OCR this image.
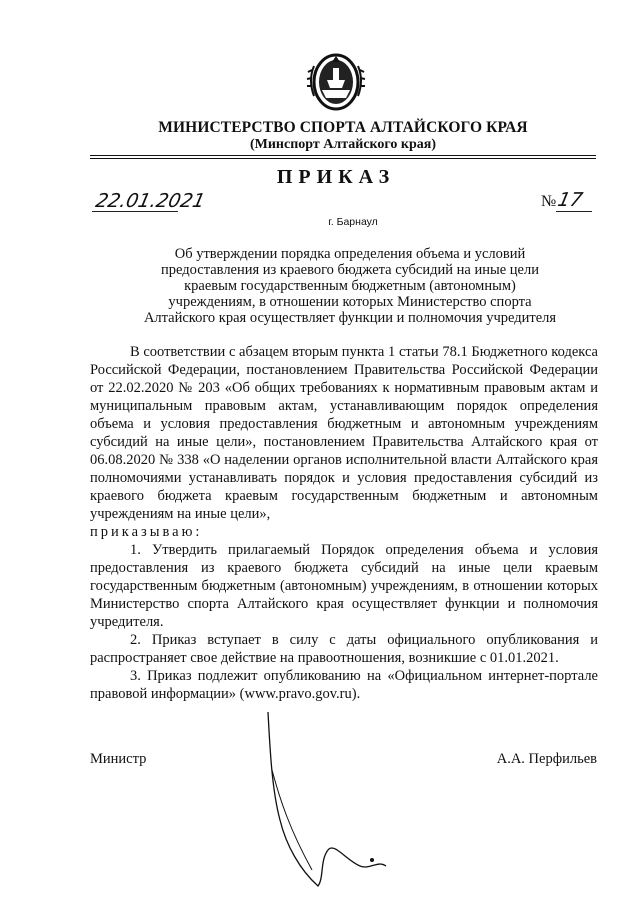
МИНИСТЕРСТВО СПОРТА АЛТАЙСКОГО КРАЯ
(Минспорт Алтайского края)
ПРИКАЗ
22.01.2021	№ 17
г. Барнаул
Об утверждении порядка определения объема и условий
предоставления из краевого бюджета субсидий на иные цели
краевым государственным бюджетным (автономным)
учреждениям, в отношении которых Министерство спорта
Алтайского края осуществляет функции и полномочия учредителя

В соответствии с абзацем вторым пункта 1 статьи 78.1 Бюджетного кодекса Российской Федерации, постановлением Правительства Российской Федерации от 22.02.2020 № 203 «Об общих требованиях к нормативным правовым актам и муниципальным правовым актам, устанавливающим порядок определения объема и условия предоставления бюджетным и автономным учреждениям субсидий на иные цели», постановлением Правительства Алтайского края от 06.08.2020 № 338 «О наделении органов исполнительной власти Алтайского края полномочиями устанавливать порядок и условия предоставления субсидий из краевого бюджета краевым государственным бюджетным и автономным учреждениям на иные цели»,

приказываю:

1. Утвердить прилагаемый Порядок определения объема и условия предоставления из краевого бюджета субсидий на иные цели краевым государственным бюджетным (автономным) учреждениям, в отношении которых Министерство спорта Алтайского края осуществляет функции и полномочия учредителя.

2. Приказ вступает в силу с даты официального опубликования и распространяет свое действие на правоотношения, возникшие с 01.01.2021.

3. Приказ подлежит опубликованию на «Официальном интернет-портале правовой информации» (www.pravo.gov.ru).

Министр	А.А. Перфильев
